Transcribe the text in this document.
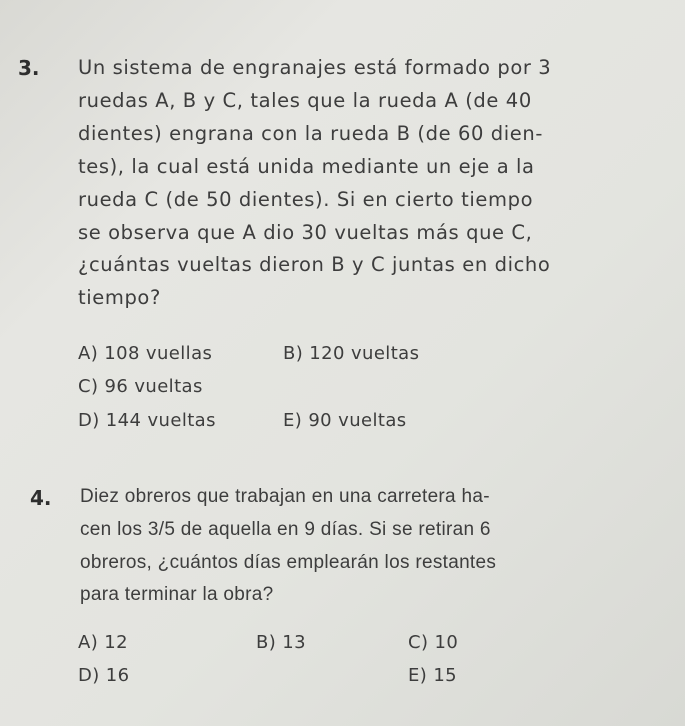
3. Un sistema de engranajes está formado por 3
ruedas A, B y C, tales que la rueda A (de 40
dientes) engrana con la rueda B (de 60 dien-
tes), la cual está unida mediante un eje a la
rueda C (de 50 dientes). Si en cierto tiempo
se observa que A dio 30 vueltas más que C,
¿cuántas vueltas dieron B y C juntas en dicho
tiempo?
A) 108 vuellas	B) 120 vueltas
C) 96 vueltas
D) 144 vueltas	E) 90 vueltas
4. Diez obreros que trabajan en una carretera ha-
cen los 3/5 de aquella en 9 días. Si se retiran 6
obreros, ¿cuántos días emplearán los restantes
para terminar la obra?
A) 12	B) 13	C) 10
D) 16	E) 15
